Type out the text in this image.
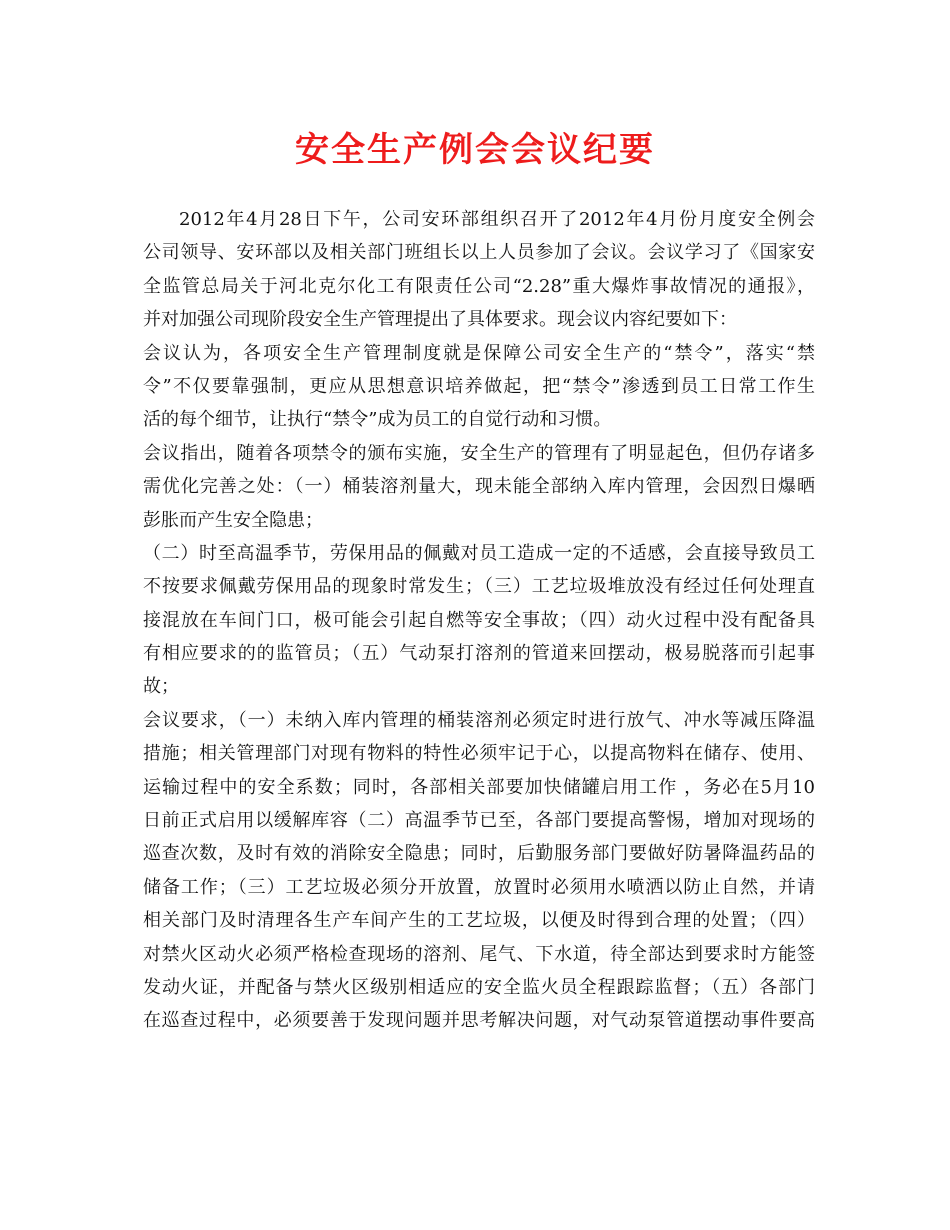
安全生产例会会议纪要
2012年4月28日下午，公司安环部组织召开了2012年4月份月度安全例会
公司领导、安环部以及相关部门班组长以上人员参加了会议。会议学习了《国家安
全监管总局关于河北克尔化工有限责任公司“2.28”重大爆炸事故情况的通报》，
并对加强公司现阶段安全生产管理提出了具体要求。现会议内容纪要如下：
会议认为，各项安全生产管理制度就是保障公司安全生产的“禁令”，落实“禁
令”不仅要靠强制，更应从思想意识培养做起，把“禁令”渗透到员工日常工作生
活的每个细节，让执行“禁令”成为员工的自觉行动和习惯。
会议指出，随着各项禁令的颁布实施，安全生产的管理有了明显起色，但仍存诸多
需优化完善之处：（一）桶装溶剂量大，现未能全部纳入库内管理，会因烈日爆晒
彭胀而产生安全隐患；
（二）时至高温季节，劳保用品的佩戴对员工造成一定的不适感，会直接导致员工
不按要求佩戴劳保用品的现象时常发生；（三）工艺垃圾堆放没有经过任何处理直
接混放在车间门口，极可能会引起自燃等安全事故；（四）动火过程中没有配备具
有相应要求的的监管员；（五）气动泵打溶剂的管道来回摆动，极易脱落而引起事
故；
会议要求，（一）未纳入库内管理的桶装溶剂必须定时进行放气、冲水等减压降温
措施；相关管理部门对现有物料的特性必须牢记于心，以提高物料在储存、使用、
运输过程中的安全系数；同时，各部相关部要加快储罐启用工作 ，务必在5月10
日前正式启用以缓解库容（二）高温季节已至，各部门要提高警惕，增加对现场的
巡查次数，及时有效的消除安全隐患；同时，后勤服务部门要做好防暑降温药品的
储备工作；（三）工艺垃圾必须分开放置，放置时必须用水喷洒以防止自然，并请
相关部门及时清理各生产车间产生的工艺垃圾，以便及时得到合理的处置；（四）
对禁火区动火必须严格检查现场的溶剂、尾气、下水道，待全部达到要求时方能签
发动火证，并配备与禁火区级别相适应的安全监火员全程跟踪监督；（五）各部门
在巡查过程中，必须要善于发现问题并思考解决问题，对气动泵管道摆动事件要高
